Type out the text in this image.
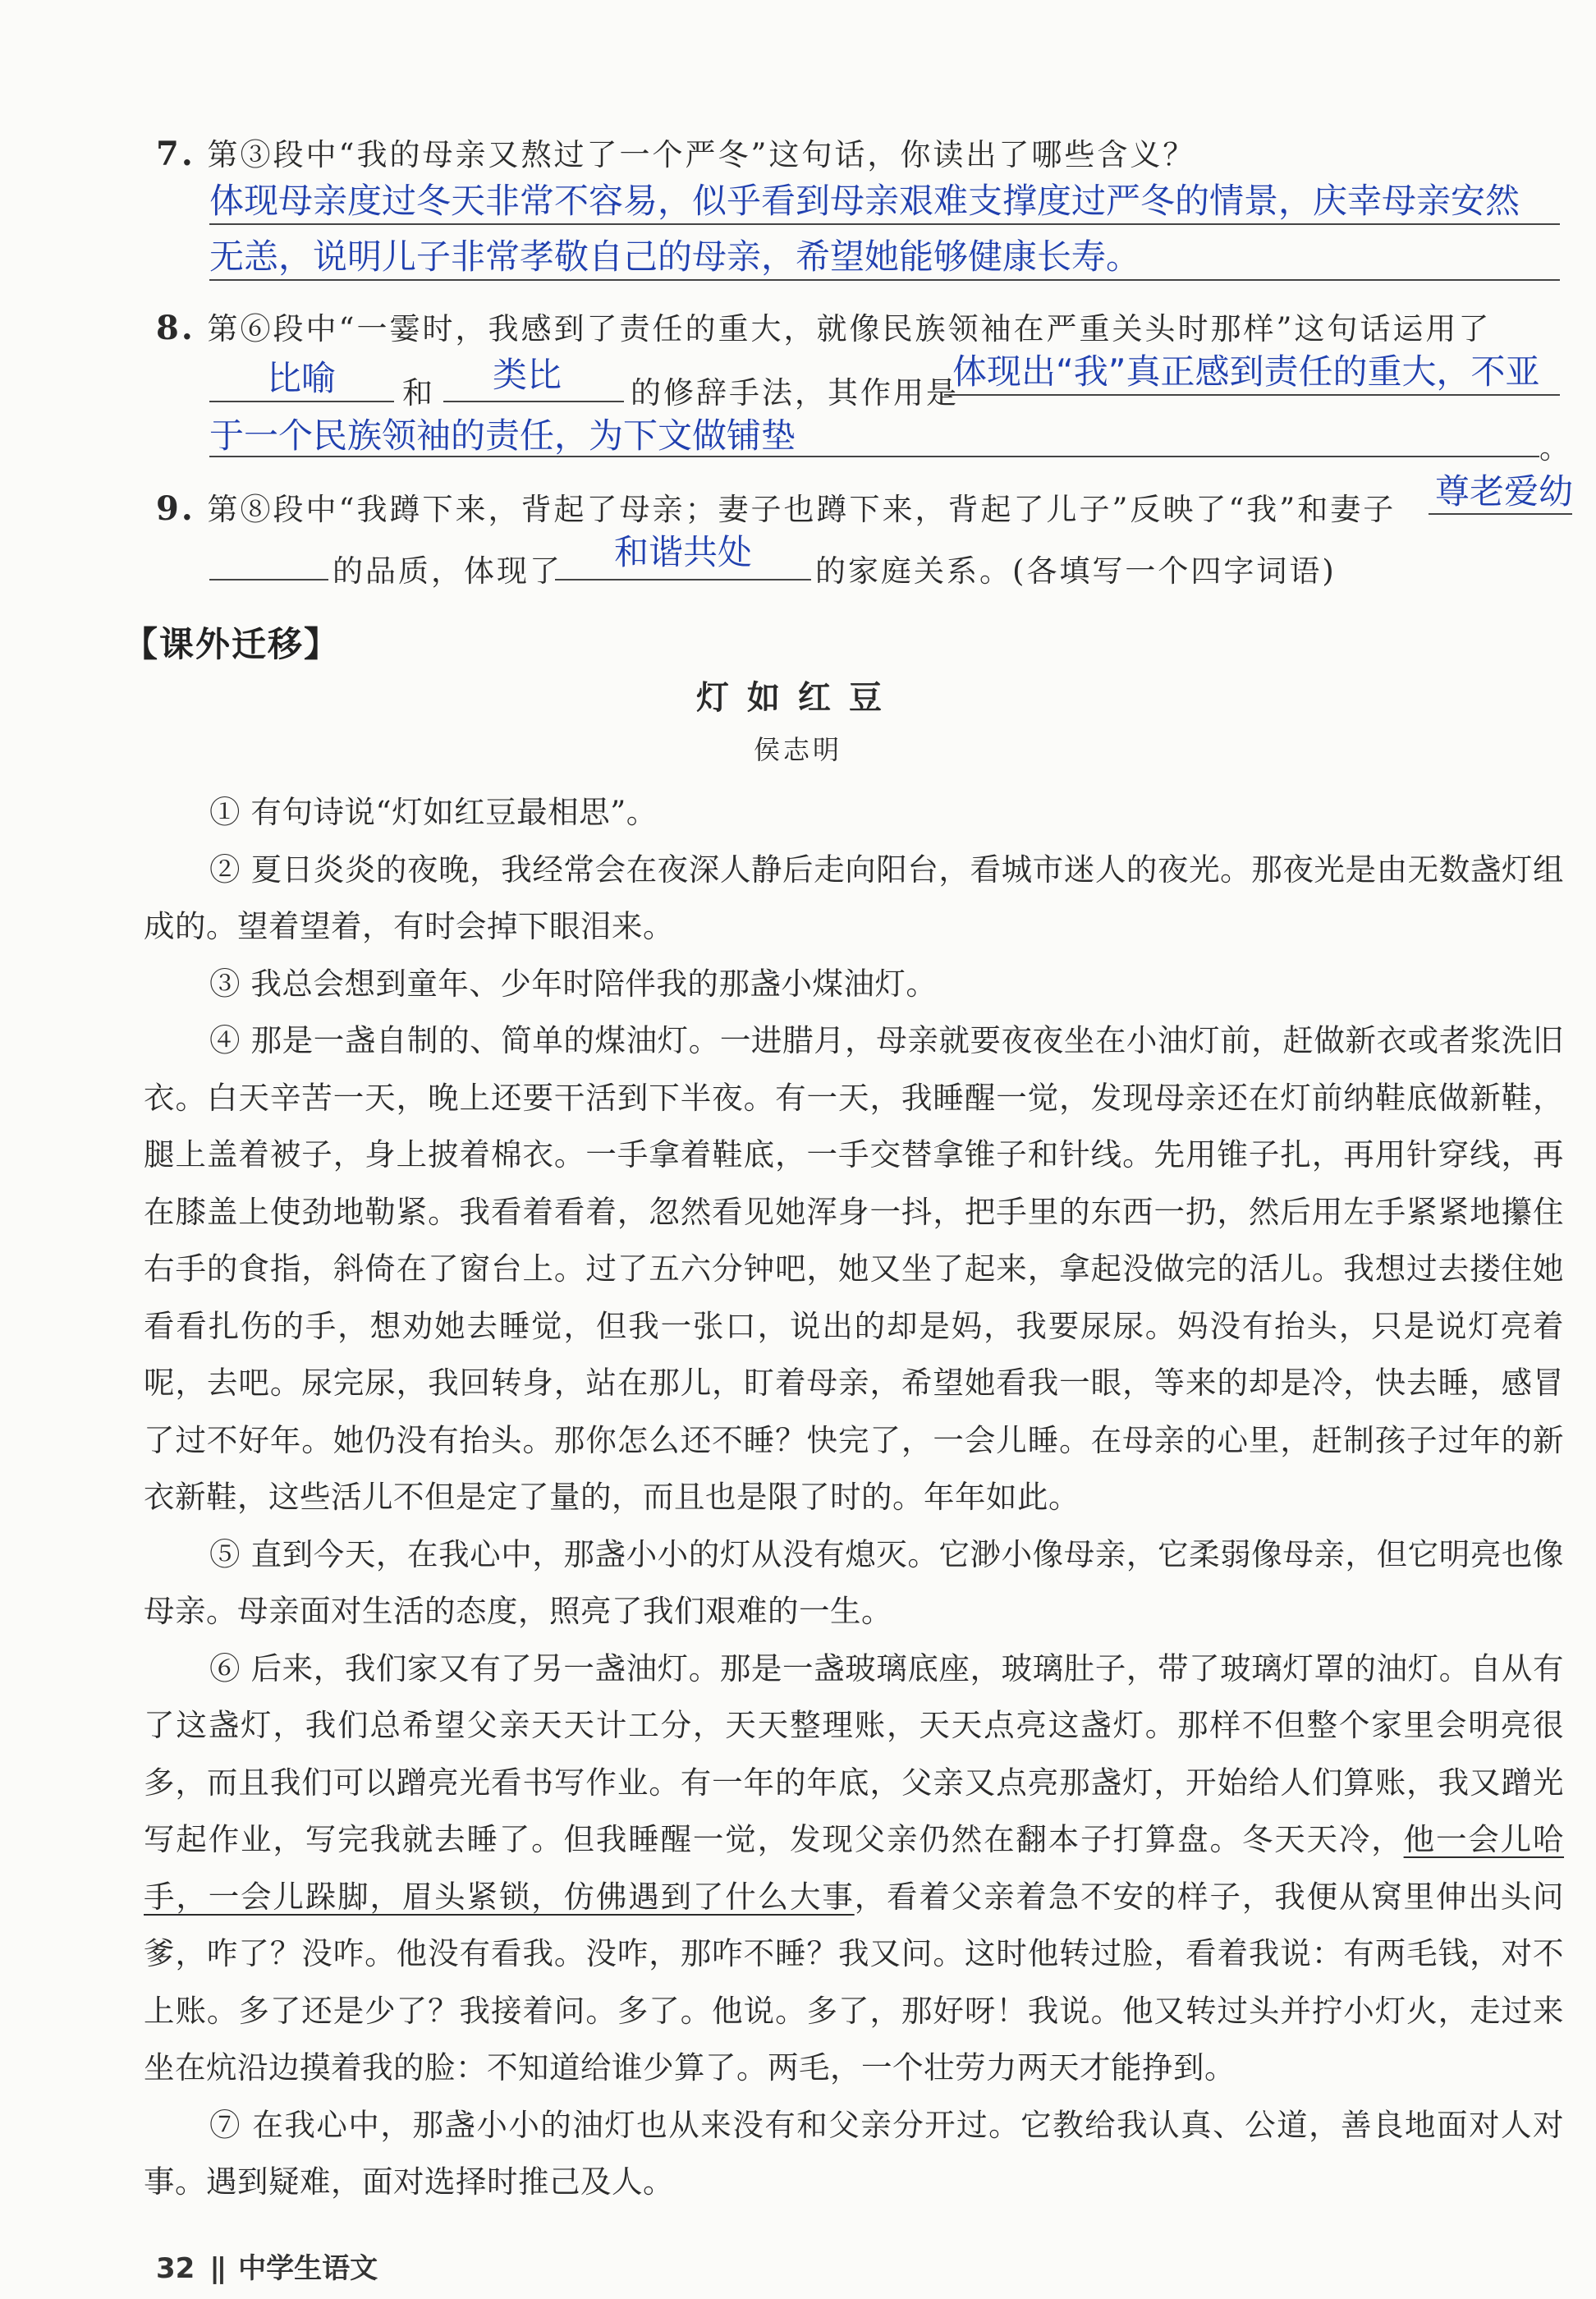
7. 第③段中“我的母亲又熬过了一个严冬”这句话，你读出了哪些含义？
体现母亲度过冬天非常不容易，似乎看到母亲艰难支撑度过严冬的情景，庆幸母亲安然
无恙，说明儿子非常孝敬自己的母亲，希望她能够健康长寿。
8. 第⑥段中“一霎时，我感到了责任的重大，就像民族领袖在严重关头时那样”这句话运用了
比喻 和 类比 的修辞手法，其作用是
体现出“我”真正感到责任的重大，不亚
于一个民族领袖的责任，为下文做铺垫	。
9. 第⑧段中“我蹲下来，背起了母亲；妻子也蹲下来，背起了儿子”反映了“我”和妻子 尊老爱幼
的品质，体现了 和谐共处 的家庭关系。(各填写一个四字词语)
【课外迁移】
灯如红豆
侯志明

① 有句诗说“灯如红豆最相思”。

② 夏日炎炎的夜晚，我经常会在夜深人静后走向阳台，看城市迷人的夜光。那夜光是由无数盏灯组成的。望着望着，有时会掉下眼泪来。

③ 我总会想到童年、少年时陪伴我的那盏小煤油灯。

④ 那是一盏自制的、简单的煤油灯。一进腊月，母亲就要夜夜坐在小油灯前，赶做新衣或者浆洗旧衣。白天辛苦一天，晚上还要干活到下半夜。有一天，我睡醒一觉，发现母亲还在灯前纳鞋底做新鞋，腿上盖着被子，身上披着棉衣。一手拿着鞋底，一手交替拿锥子和针线。先用锥子扎，再用针穿线，再在膝盖上使劲地勒紧。我看着看着，忽然看见她浑身一抖，把手里的东西一扔，然后用左手紧紧地攥住右手的食指，斜倚在了窗台上。过了五六分钟吧，她又坐了起来，拿起没做完的活儿。我想过去搂住她看看扎伤的手，想劝她去睡觉，但我一张口，说出的却是妈，我要尿尿。妈没有抬头，只是说灯亮着呢，去吧。尿完尿，我回转身，站在那儿，盯着母亲，希望她看我一眼，等来的却是冷，快去睡，感冒了过不好年。她仍没有抬头。那你怎么还不睡？快完了，一会儿睡。在母亲的心里，赶制孩子过年的新衣新鞋，这些活儿不但是定了量的，而且也是限了时的。年年如此。

⑤ 直到今天，在我心中，那盏小小的灯从没有熄灭。它渺小像母亲，它柔弱像母亲，但它明亮也像母亲。母亲面对生活的态度，照亮了我们艰难的一生。

⑥ 后来，我们家又有了另一盏油灯。那是一盏玻璃底座，玻璃肚子，带了玻璃灯罩的油灯。自从有了这盏灯，我们总希望父亲天天计工分，天天整理账，天天点亮这盏灯。那样不但整个家里会明亮很多，而且我们可以蹭亮光看书写作业。有一年的年底，父亲又点亮那盏灯，开始给人们算账，我又蹭光写起作业，写完我就去睡了。但我睡醒一觉，发现父亲仍然在翻本子打算盘。冬天天冷，他一会儿哈手，一会儿跺脚，眉头紧锁，仿佛遇到了什么大事，看着父亲着急不安的样子，我便从窝里伸出头问爹，咋了？没咋。他没有看我。没咋，那咋不睡？我又问。这时他转过脸，看着我说：有两毛钱，对不上账。多了还是少了？我接着问。多了。他说。多了，那好呀！我说。他又转过头并拧小灯火，走过来坐在炕沿边摸着我的脸：不知道给谁少算了。两毛，一个壮劳力两天才能挣到。

⑦ 在我心中，那盏小小的油灯也从来没有和父亲分开过。它教给我认真、公道，善良地面对人对事。遇到疑难，面对选择时推己及人。

32 || 中学生语文
